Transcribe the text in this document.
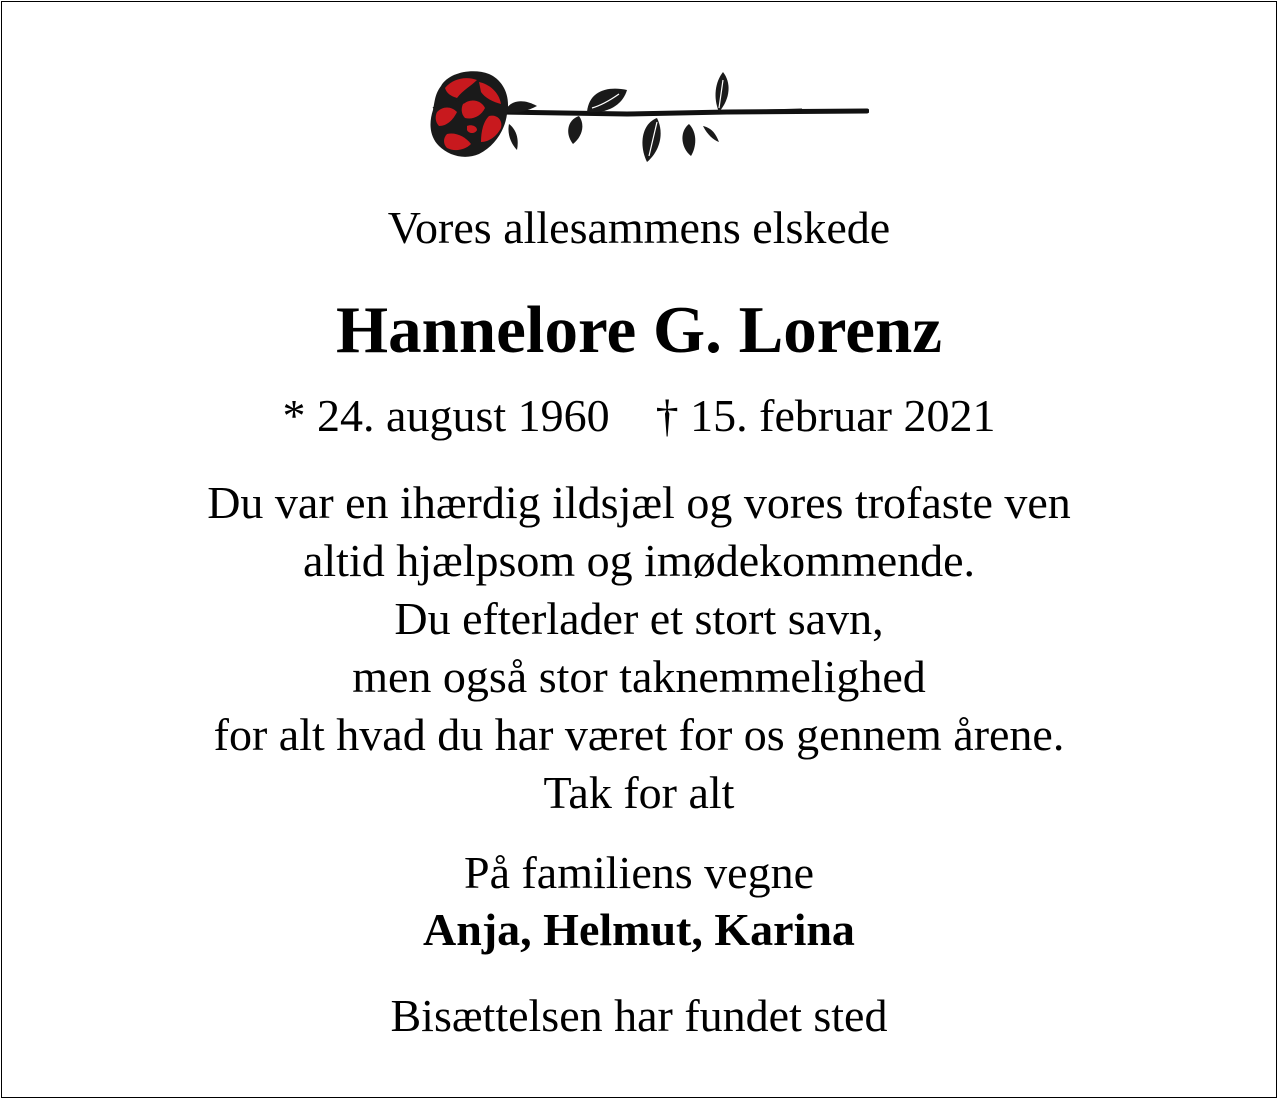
Vores allesammens elskede
Hannelore G. Lorenz
* 24. august 1960 † 15. februar 2021
Du var en ihærdig ildsjæl og vores trofaste ven
altid hjælpsom og imødekommende.
Du efterlader et stort savn,
men også stor taknemmelighed
for alt hvad du har været for os gennem årene.
Tak for alt
På familiens vegne
Anja, Helmut, Karina
Bisættelsen har fundet sted
